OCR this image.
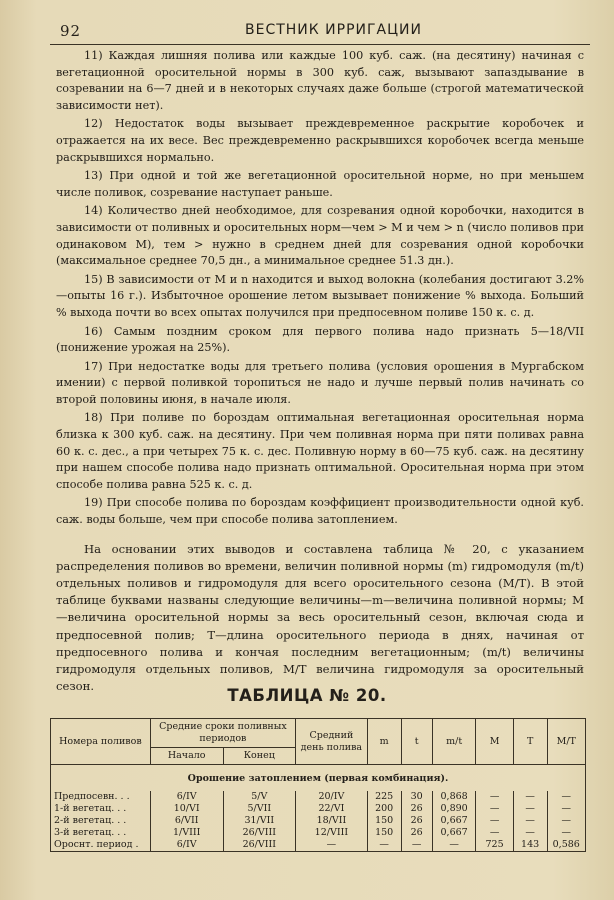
92	ВЕСТНИК ИРРИГАЦИИ

11) Каждая лишняя полива или каждые 100 куб. саж. (на десятину) начиная с вегетационной оросительной нормы в 300 куб. саж, вызывают запаздывание в созревании на 6—7 дней и в некоторых случаях даже больше (строгой математической зависимости нет).

12) Недостаток воды вызывает преждевременное раскрытие коробочек и отражается на их весе. Вес преждевременно раскрывшихся коробочек всегда меньше раскрывшихся нормально.

13) При одной и той же вегетационной оросительной норме, но при меньшем числе поливок, созревание наступает раньше.

14) Количество дней необходимое, для созревания одной коробочки, находится в зависимости от поливных и оросительных норм—чем > М и чем > n (число поливов при одинаковом М), тем > нужно в среднем дней для созревания одной коробочки (максимальное среднее 70,5 дн., а минимальное среднее 51.3 дн.).

15) В зависимости от М и n находится и выход волокна (колебания достигают 3.2%—опыты 16 г.). Избыточное орошение летом вызывает понижение % выхода. Больший % выхода почти во всех опытах получился при предпосевном поливе 150 к. с. д.

16) Самым поздним сроком для первого полива надо признать 5—18/VII (понижение урожая на 25%).

17) При недостатке воды для третьего полива (условия орошения в Мургабском имении) с первой поливкой торопиться не надо и лучше первый полив начинать со второй половины июня, в начале июля.

18) При поливе по бороздам оптимальная вегетационная оросительная норма близка к 300 куб. саж. на десятину. При чем поливная норма при пяти поливах равна 60 к. с. дес., а при четырех 75 к. с. дес. Поливную норму в 60—75 куб. саж. на десятину при нашем способе полива надо признать оптимальной. Оросительная норма при этом способе полива равна 525 к. с. д.

19) При способе полива по бороздам коэффициент производительности одной куб. саж. воды больше, чем при способе полива затоплением.

На основании этих выводов и составлена таблица № 20, с указанием распределения поливов во времени, величин поливной нормы (m) гидромодуля (m/t) отдельных поливов и гидромодуля для всего оросительного сезона (М/Т). В этой таблице буквами названы следующие величины—m—величина поливной нормы; М—величина оросительной нормы за весь оросительный сезон, включая сюда и предпосевной полив; Т—длина оросительного периода в днях, начиная от предпосевного полива и кончая последним вегетационным; (m/t) величины гидромодуля отдельных поливов, М/Т величина гидромодуля за оросительный сезон.	ТАБЛИЦА № 20.
Номера поливов	Средние сроки поливных периодов		Средний день полива	m	t	m/t	M	T	M/T
	Начало	Конец							
Орошение затоплением (первая комбинация).									
Предпосевн. . .	6/IV	5/V	20/IV	225	30	0,868	—	—	—
1-й вегетац. . .	10/VI	5/VII	22/VI	200	26	0,890	—	—	—
2-й вегетац. . .	6/VII	31/VII	18/VII	150	26	0,667	—	—	—
3-й вегетац. . .	1/VIII	26/VIII	12/VIII	150	26	0,667	—	—	—
Ороснт. период .	6/IV	26/VIII	—	—	—	—	725	143	0,586
